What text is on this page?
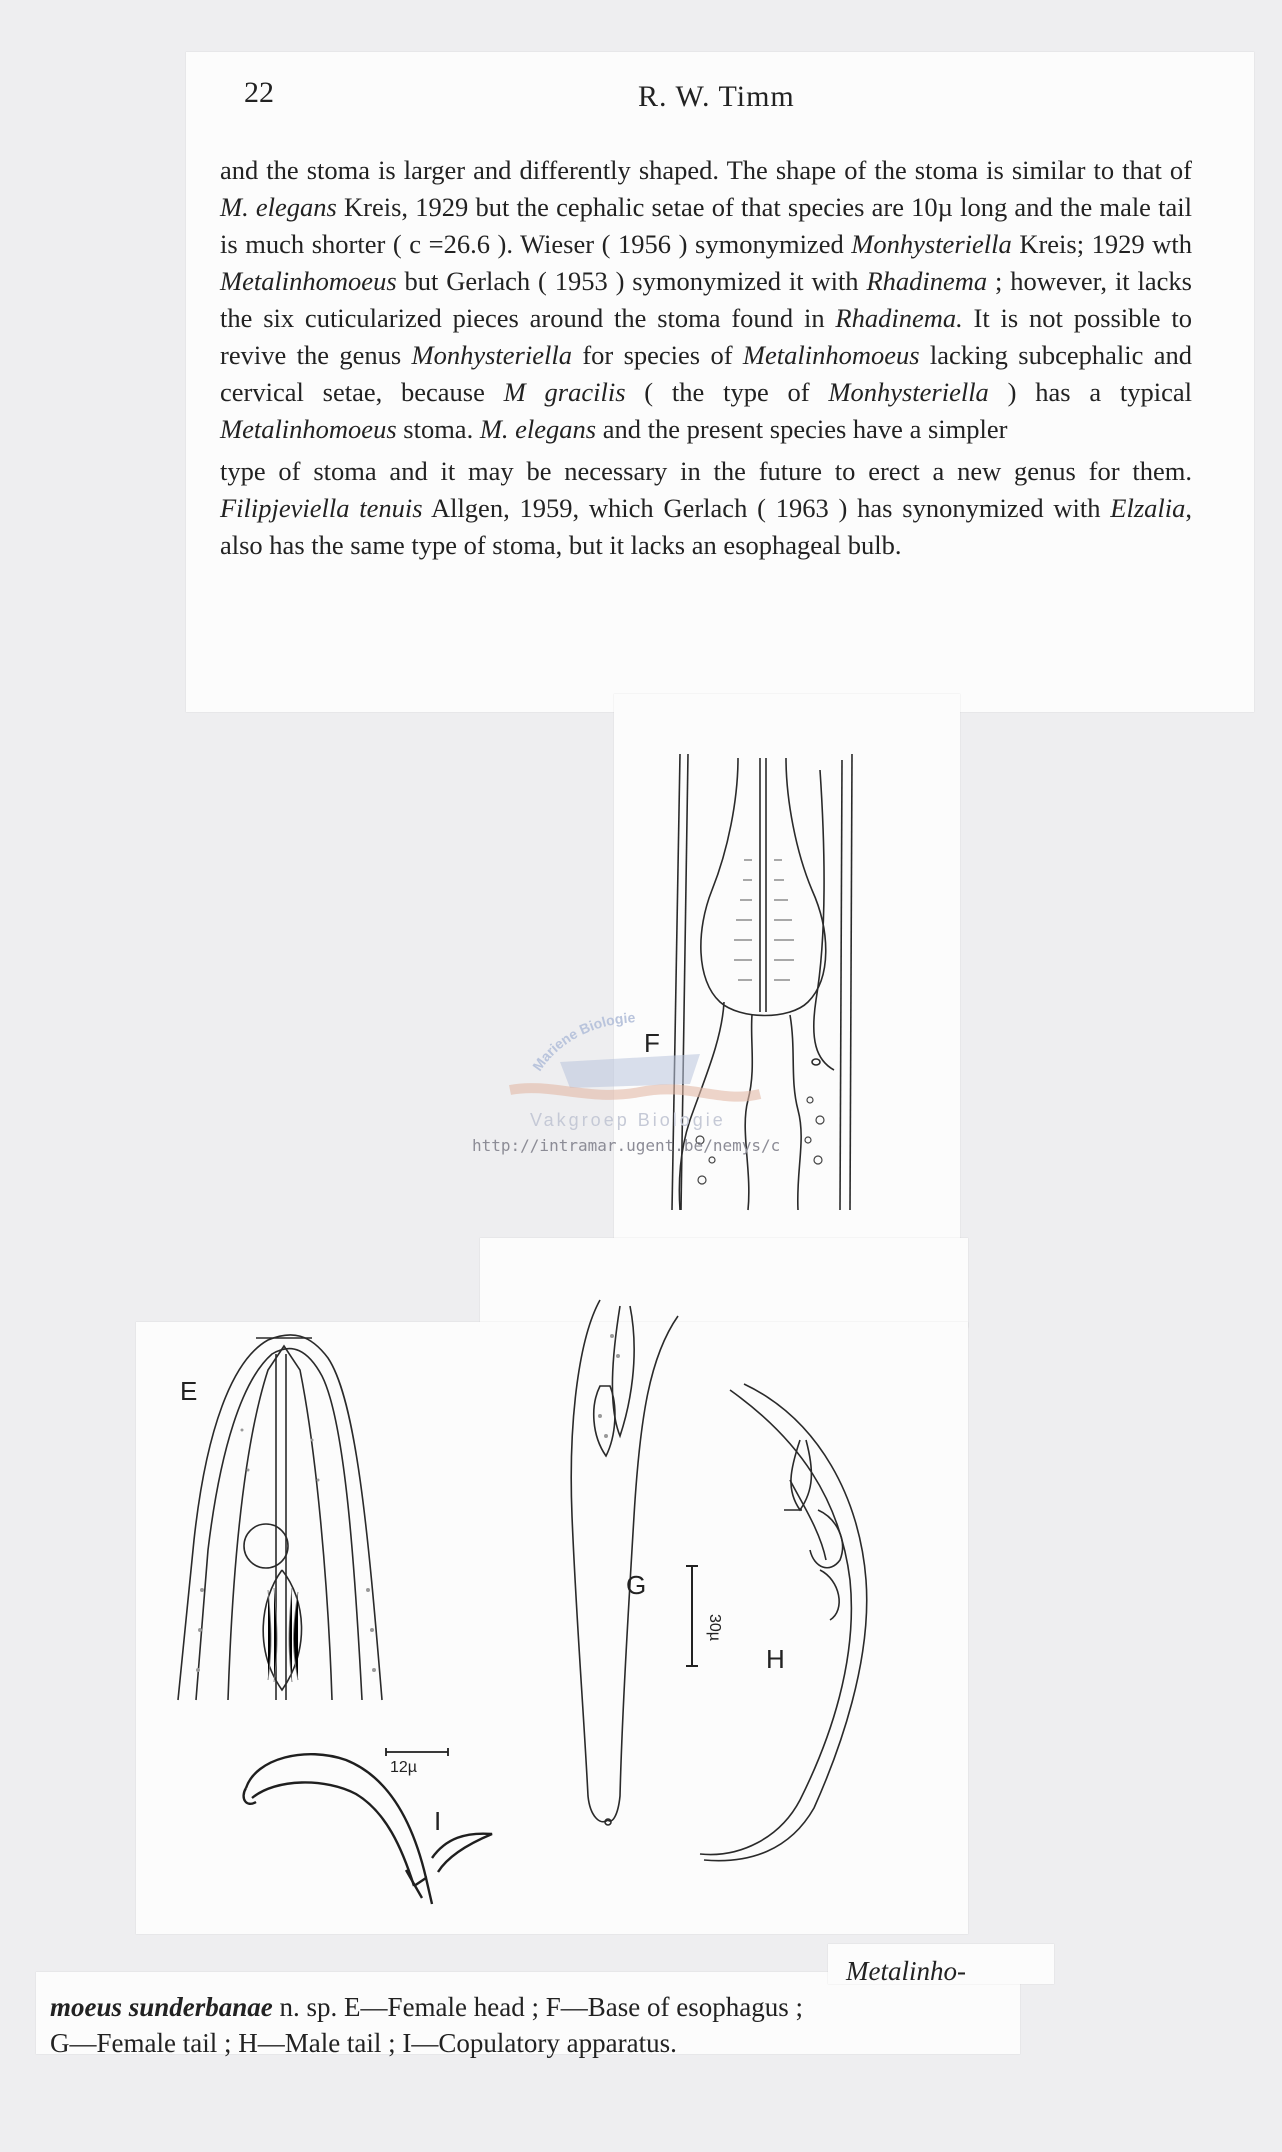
22	R. W. Timm

and the stoma is larger and differently shaped. The shape of the stoma is similar to that of M. elegans Kreis, 1929 but the cephalic setae of that species are 10µ long and the male tail is much shorter ( c =26.6 ). Wieser ( 1956 ) symonymized Monhysteriella Kreis; 1929 wth Metalinhomoeus but Gerlach ( 1953 ) symonymized it with Rhadinema ; however, it lacks the six cuticularized pieces around the stoma found in Rhadinema. It is not possible to revive the genus Monhysteriella for species of Metalinhomoeus lacking subcephalic and cervical setae, because M gracilis ( the type of Monhysteriella ) has a typical Metalinhomoeus stoma. M. elegans and the present species have a simpler

type of stoma and it may be necessary in the future to erect a new genus for them. Filipjeviella tenuis Allgen, 1959, which Gerlach ( 1963 ) has synonymized with Elzalia, also has the same type of stoma, but it lacks an esophageal bulb.

F
Mariene Biologie
Vakgroep Biologie
http://intramar.ugent.be/nemys/c
E
12µ
I
G
30µ
H
Metalinho-
moeus sunderbanae n. sp. E—Female head ; F—Base of esophagus ;
G—Female tail ; H—Male tail ; I—Copulatory apparatus.
